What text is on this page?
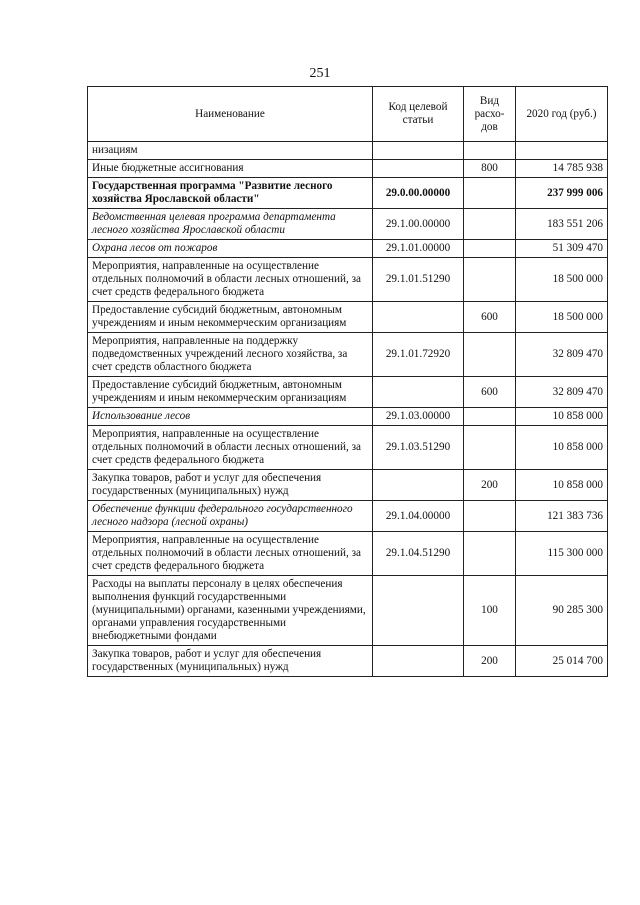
251
Наименование	Код целевой статьи	Вид расхо-дов	2020 год (руб.)
низациям			
Иные бюджетные ассигнования		800	14 785 938
Государственная программа "Развитие лесного хозяйства Ярославской области"	29.0.00.00000		237 999 006
Ведомственная целевая программа департамента лесного хозяйства Ярославской области	29.1.00.00000		183 551 206
Охрана лесов от пожаров	29.1.01.00000		51 309 470
Мероприятия, направленные на осуществление отдельных полномочий в области лесных отношений, за счет средств федерального бюджета	29.1.01.51290		18 500 000
Предоставление субсидий бюджетным, автономным учреждениям и иным некоммерческим организациям		600	18 500 000
Мероприятия, направленные на поддержку подведомственных учреждений лесного хозяйства, за счет средств областного бюджета	29.1.01.72920		32 809 470
Предоставление субсидий бюджетным, автономным учреждениям и иным некоммерческим организациям		600	32 809 470
Использование лесов	29.1.03.00000		10 858 000
Мероприятия, направленные на осуществление отдельных полномочий в области лесных отношений, за счет средств федерального бюджета	29.1.03.51290		10 858 000
Закупка товаров, работ и услуг для обеспечения государственных (муниципальных) нужд		200	10 858 000
Обеспечение функции федерального государственного лесного надзора (лесной охраны)	29.1.04.00000		121 383 736
Мероприятия, направленные на осуществление отдельных полномочий в области лесных отношений, за счет средств федерального бюджета	29.1.04.51290		115 300 000
Расходы на выплаты персоналу в целях обеспечения выполнения функций государственными (муниципальными) органами, казенными учреждениями, органами управления государственными внебюджетными фондами		100	90 285 300
Закупка товаров, работ и услуг для обеспечения государственных (муниципальных) нужд		200	25 014 700
